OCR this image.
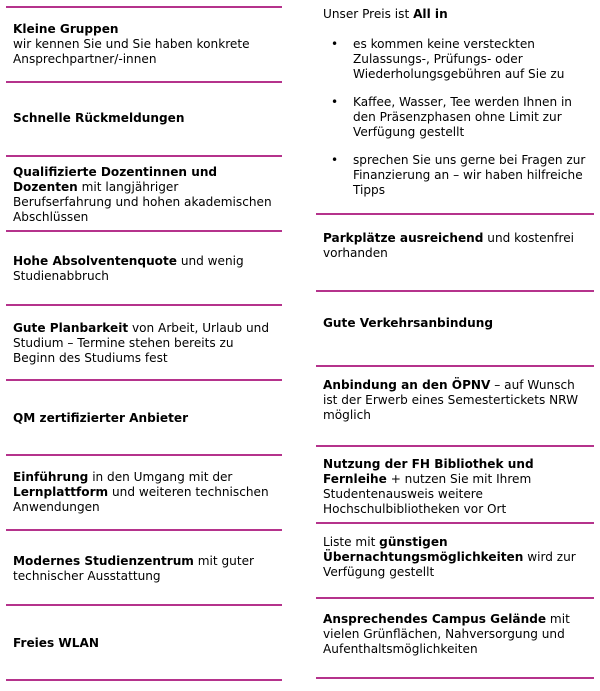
Kleine Gruppen
wir kennen Sie und Sie haben konkrete Ansprechpartner/-innen
Schnelle Rückmeldungen
Qualifizierte Dozentinnen und Dozenten mit langjähriger Berufserfahrung und hohen akademischen Abschlüssen
Hohe Absolventenquote und wenig Studienabbruch
Gute Planbarkeit von Arbeit, Urlaub und Studium – Termine stehen bereits zu Beginn des Studiums fest
QM zertifizierter Anbieter
Einführung in den Umgang mit der Lernplattform und weiteren technischen Anwendungen
Modernes Studienzentrum mit guter technischer Ausstattung
Freies WLAN
Unser Preis ist All in
• es kommen keine versteckten Zulassungs-, Prüfungs- oder Wiederholungsgebühren auf Sie zu
• Kaffee, Wasser, Tee werden Ihnen in den Präsenzphasen ohne Limit zur Verfügung gestellt
• sprechen Sie uns gerne bei Fragen zur Finanzierung an – wir haben hilfreiche Tipps
Parkplätze ausreichend und kostenfrei vorhanden
Gute Verkehrsanbindung
Anbindung an den ÖPNV – auf Wunsch ist der Erwerb eines Semestertickets NRW möglich
Nutzung der FH Bibliothek und Fernleihe + nutzen Sie mit Ihrem Studentenausweis weitere Hochschulbibliotheken vor Ort
Liste mit günstigen Übernachtungsmöglichkeiten wird zur Verfügung gestellt
Ansprechendes Campus Gelände mit vielen Grünflächen, Nahversorgung und Aufenthaltsmöglichkeiten
